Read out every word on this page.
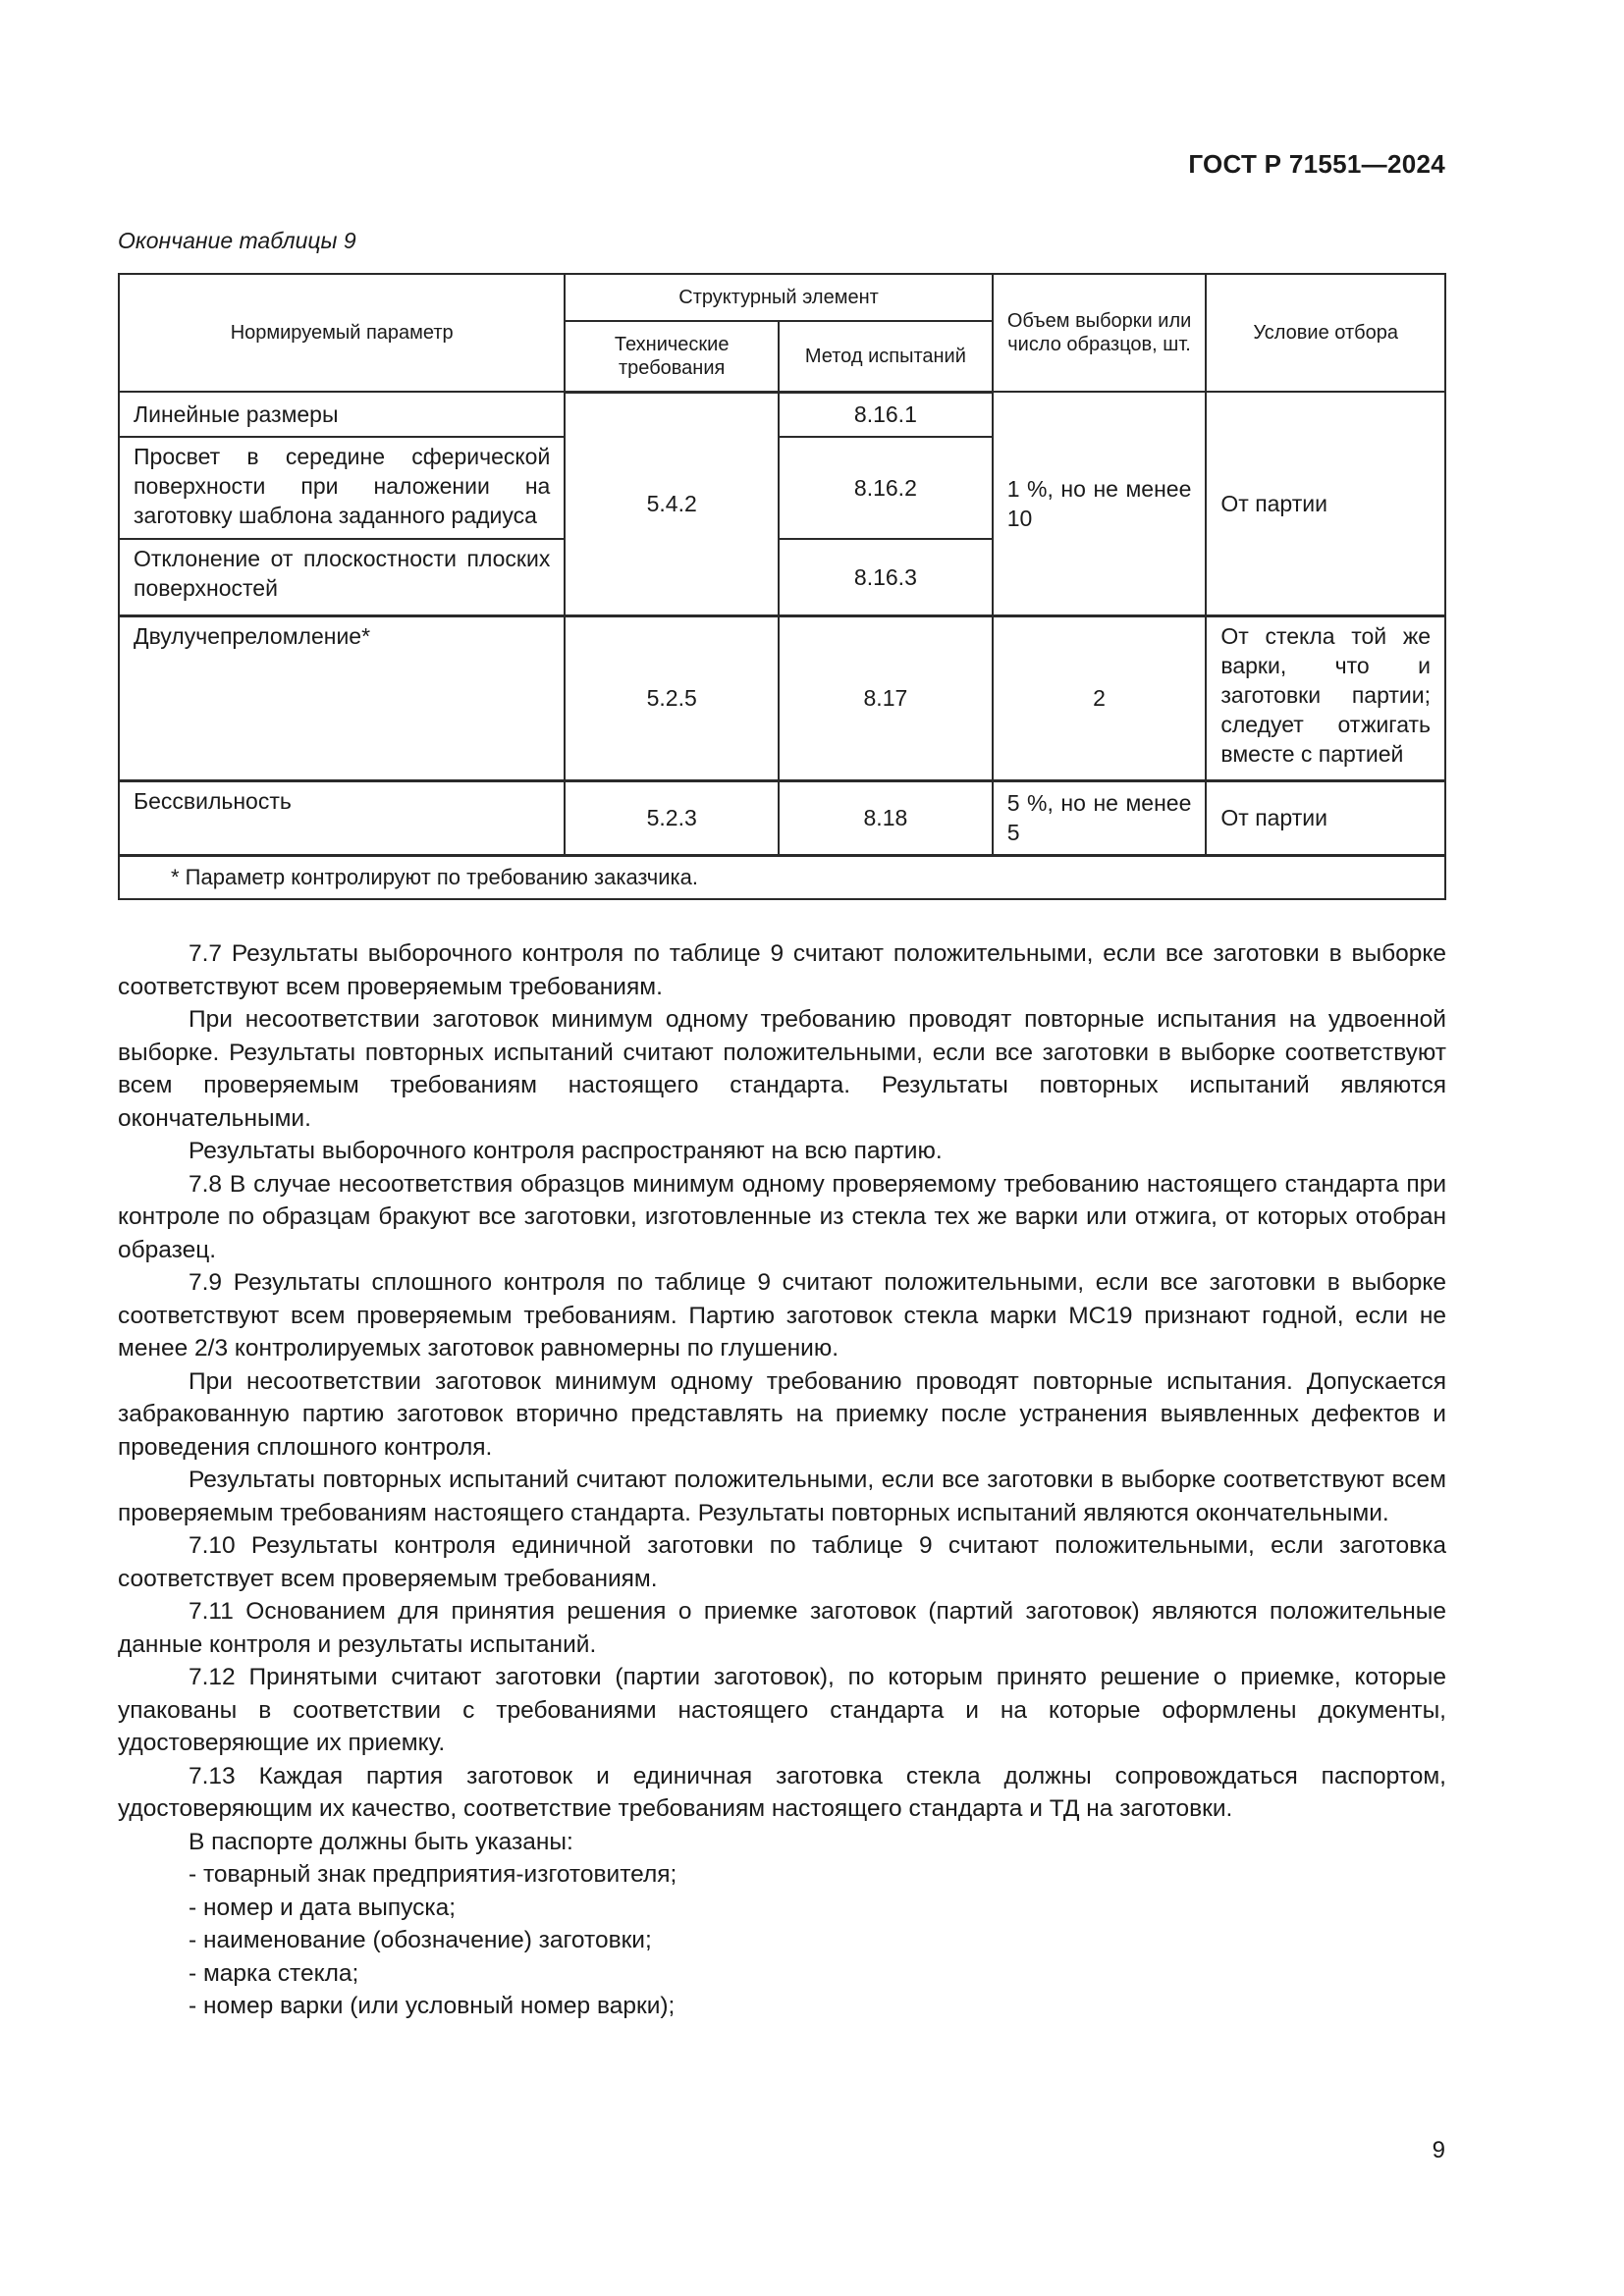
ГОСТ Р 71551—2024
Окончание таблицы 9
Нормируемый параметр	Структурный элемент		Объем выборки или число образцов, шт.	Условие отбора
	Технические требования	Метод испытаний		
Линейные размеры	5.4.2	8.16.1	1 %, но не менее 10	От партии
Просвет в середине сферической поверхности при наложении на заготовку шаблона заданного радиуса		8.16.2		
Отклонение от плоскостности плоских поверхностей		8.16.3		
Двулучепреломление*	5.2.5	8.17	2	От стекла той же варки, что и заготовки партии; следует отжигать вместе с партией
Бессвильность	5.2.3	8.18	5 %, но не менее 5	От партии
* Параметр контролируют по требованию заказчика.				

7.7 Результаты выборочного контроля по таблице 9 считают положительными, если все заготовки в выборке соответствуют всем проверяемым требованиям.

При несоответствии заготовок минимум одному требованию проводят повторные испытания на удвоенной выборке. Результаты повторных испытаний считают положительными, если все заготовки в выборке соответствуют всем проверяемым требованиям настоящего стандарта. Результаты повторных испытаний являются окончательными.

Результаты выборочного контроля распространяют на всю партию.

7.8 В случае несоответствия образцов минимум одному проверяемому требованию настоящего стандарта при контроле по образцам бракуют все заготовки, изготовленные из стекла тех же варки или отжига, от которых отобран образец.

7.9 Результаты сплошного контроля по таблице 9 считают положительными, если все заготовки в выборке соответствуют всем проверяемым требованиям. Партию заготовок стекла марки МС19 признают годной, если не менее 2/3 контролируемых заготовок равномерны по глушению.

При несоответствии заготовок минимум одному требованию проводят повторные испытания. Допускается забракованную партию заготовок вторично представлять на приемку после устранения выявленных дефектов и проведения сплошного контроля.

Результаты повторных испытаний считают положительными, если все заготовки в выборке соответствуют всем проверяемым требованиям настоящего стандарта. Результаты повторных испытаний являются окончательными.

7.10 Результаты контроля единичной заготовки по таблице 9 считают положительными, если заготовка соответствует всем проверяемым требованиям.

7.11 Основанием для принятия решения о приемке заготовок (партий заготовок) являются положительные данные контроля и результаты испытаний.

7.12 Принятыми считают заготовки (партии заготовок), по которым принято решение о приемке, которые упакованы в соответствии с требованиями настоящего стандарта и на которые оформлены документы, удостоверяющие их приемку.

7.13 Каждая партия заготовок и единичная заготовка стекла должны сопровождаться паспортом, удостоверяющим их качество, соответствие требованиям настоящего стандарта и ТД на заготовки.

В паспорте должны быть указаны:

- товарный знак предприятия-изготовителя;
- номер и дата выпуска;
- наименование (обозначение) заготовки;
- марка стекла;
- номер варки (или условный номер варки);
9
